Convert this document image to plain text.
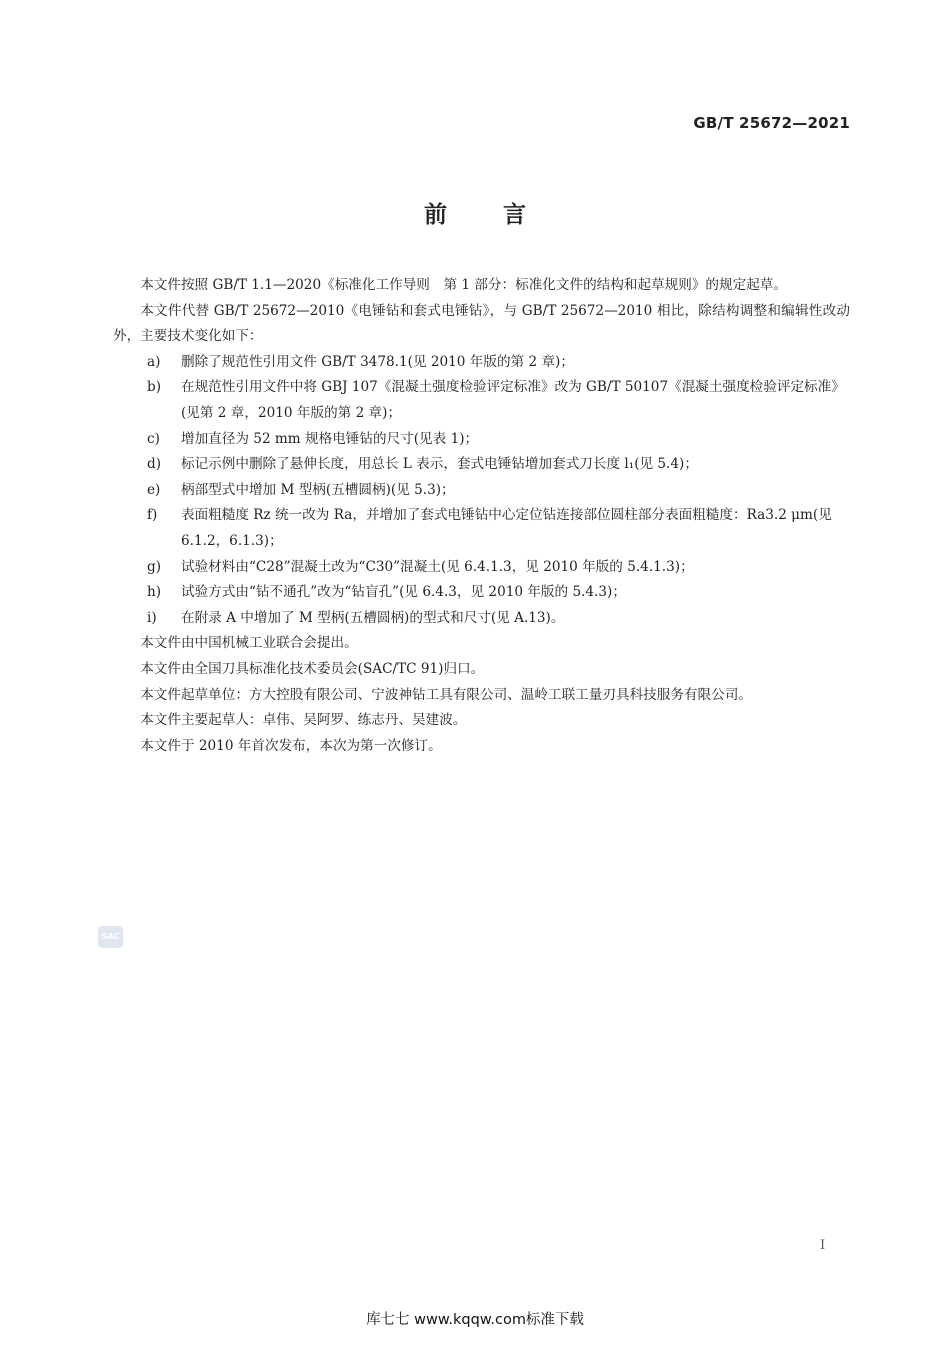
GB/T 25672—2021
前言

本文件按照 GB/T 1.1—2020《标准化工作导则　第 1 部分：标准化文件的结构和起草规则》的规定起草。

本文件代替 GB/T 25672—2010《电锤钻和套式电锤钻》，与 GB/T 25672—2010 相比，除结构调整和编辑性改动外，主要技术变化如下：

a) 删除了规范性引用文件 GB/T 3478.1(见 2010 年版的第 2 章)；
b) 在规范性引用文件中将 GBJ 107《混凝土强度检验评定标准》改为 GB/T 50107《混凝土强度检验评定标准》(见第 2 章，2010 年版的第 2 章)；
c) 增加直径为 52 mm 规格电锤钻的尺寸(见表 1)；
d) 标记示例中删除了悬伸长度，用总长 L 表示，套式电锤钻增加套式刀长度 l₁(见 5.4)；
e) 柄部型式中增加 M 型柄(五槽圆柄)(见 5.3)；
f) 表面粗糙度 Rz 统一改为 Ra，并增加了套式电锤钻中心定位钻连接部位圆柱部分表面粗糙度：Ra3.2 μm(见 6.1.2，6.1.3)；
g) 试验材料由“C28”混凝土改为“C30”混凝土(见 6.4.1.3，见 2010 年版的 5.4.1.3)；
h) 试验方式由“钻不通孔”改为“钻盲孔”(见 6.4.3，见 2010 年版的 5.4.3)；
i) 在附录 A 中增加了 M 型柄(五槽圆柄)的型式和尺寸(见 A.13)。

本文件由中国机械工业联合会提出。

本文件由全国刀具标准化技术委员会(SAC/TC 91)归口。

本文件起草单位：方大控股有限公司、宁波神钻工具有限公司、温岭工联工量刃具科技服务有限公司。

本文件主要起草人：卓伟、吴阿罗、练志丹、吴建波。

本文件于 2010 年首次发布，本次为第一次修订。

SAC
I
库七七 www.kqqw.com标准下载
